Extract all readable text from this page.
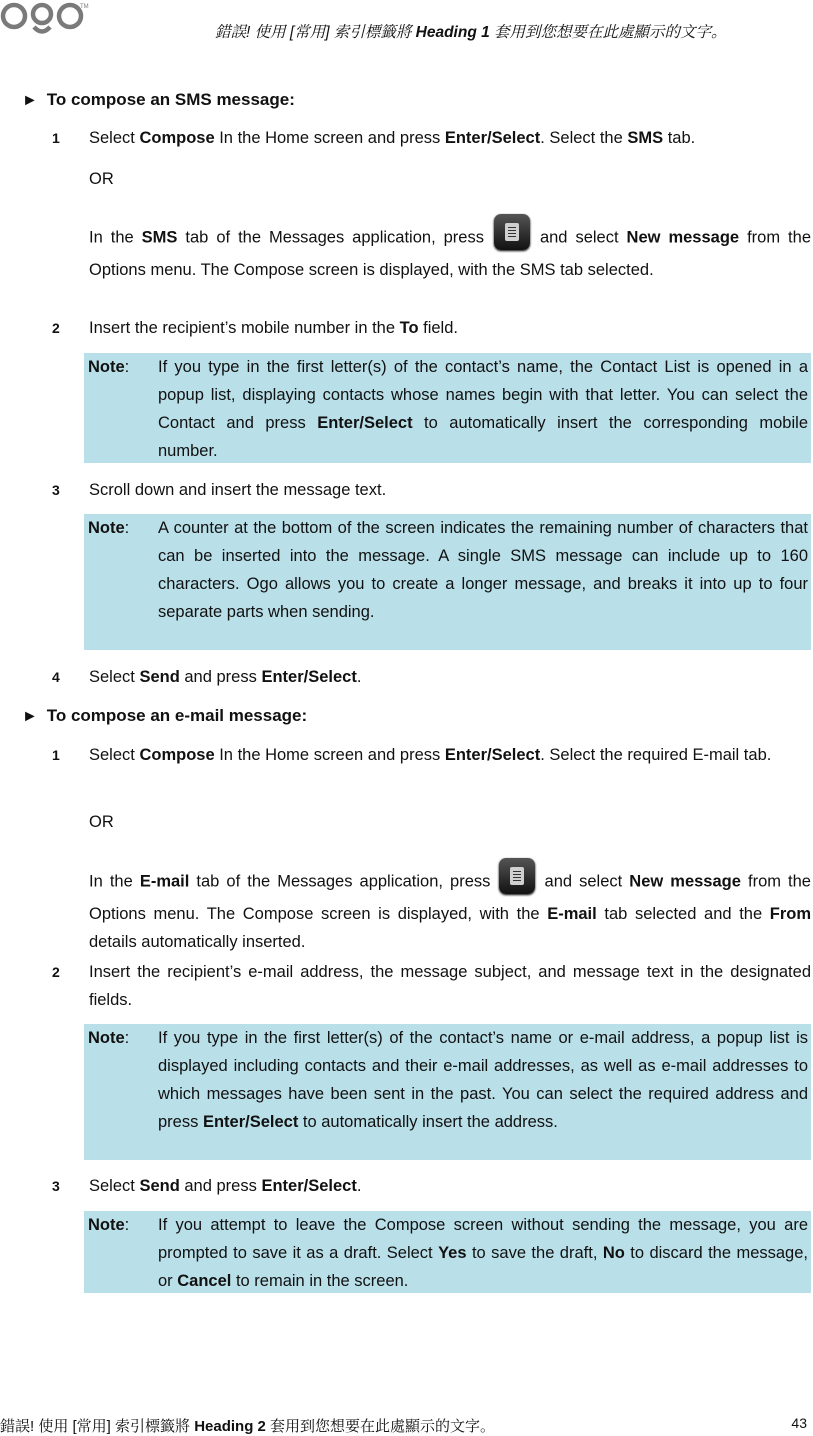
TM
錯誤! 使用 [常用] 索引標籤將 Heading 1 套用到您想要在此處顯示的文字。
► To compose an SMS message:
1 Select Compose In the Home screen and press Enter/Select. Select the SMS tab.
OR
In the SMS tab of the Messages application, press
and select New message from the Options menu. The Compose screen is displayed, with the SMS tab selected.
2 Insert the recipient’s mobile number in the To field.
Note: If you type in the first letter(s) of the contact’s name, the Contact List is opened in a popup list, displaying contacts whose names begin with that letter. You can select the Contact and press Enter/Select to automatically insert the corresponding mobile number.
3 Scroll down and insert the message text.
Note: A counter at the bottom of the screen indicates the remaining number of characters that can be inserted into the message. A single SMS message can include up to 160 characters. Ogo allows you to create a longer message, and breaks it into up to four separate parts when sending.
4 Select Send and press Enter/Select.
► To compose an e-mail message:
1 Select Compose In the Home screen and press Enter/Select. Select the required E-mail tab.
OR
In the E-mail tab of the Messages application, press
and select New message from the Options menu. The Compose screen is displayed, with the E-mail tab selected and the From details automatically inserted.
2 Insert the recipient’s e-mail address, the message subject, and message text in the designated fields.
Note: If you type in the first letter(s) of the contact’s name or e-mail address, a popup list is displayed including contacts and their e-mail addresses, as well as e-mail addresses to which messages have been sent in the past. You can select the required address and press Enter/Select to automatically insert the address.
3 Select Send and press Enter/Select.
Note: If you attempt to leave the Compose screen without sending the message, you are prompted to save it as a draft. Select Yes to save the draft, No to discard the message, or Cancel to remain in the screen.
錯誤! 使用 [常用] 索引標籤將 Heading 2 套用到您想要在此處顯示的文字。	43
